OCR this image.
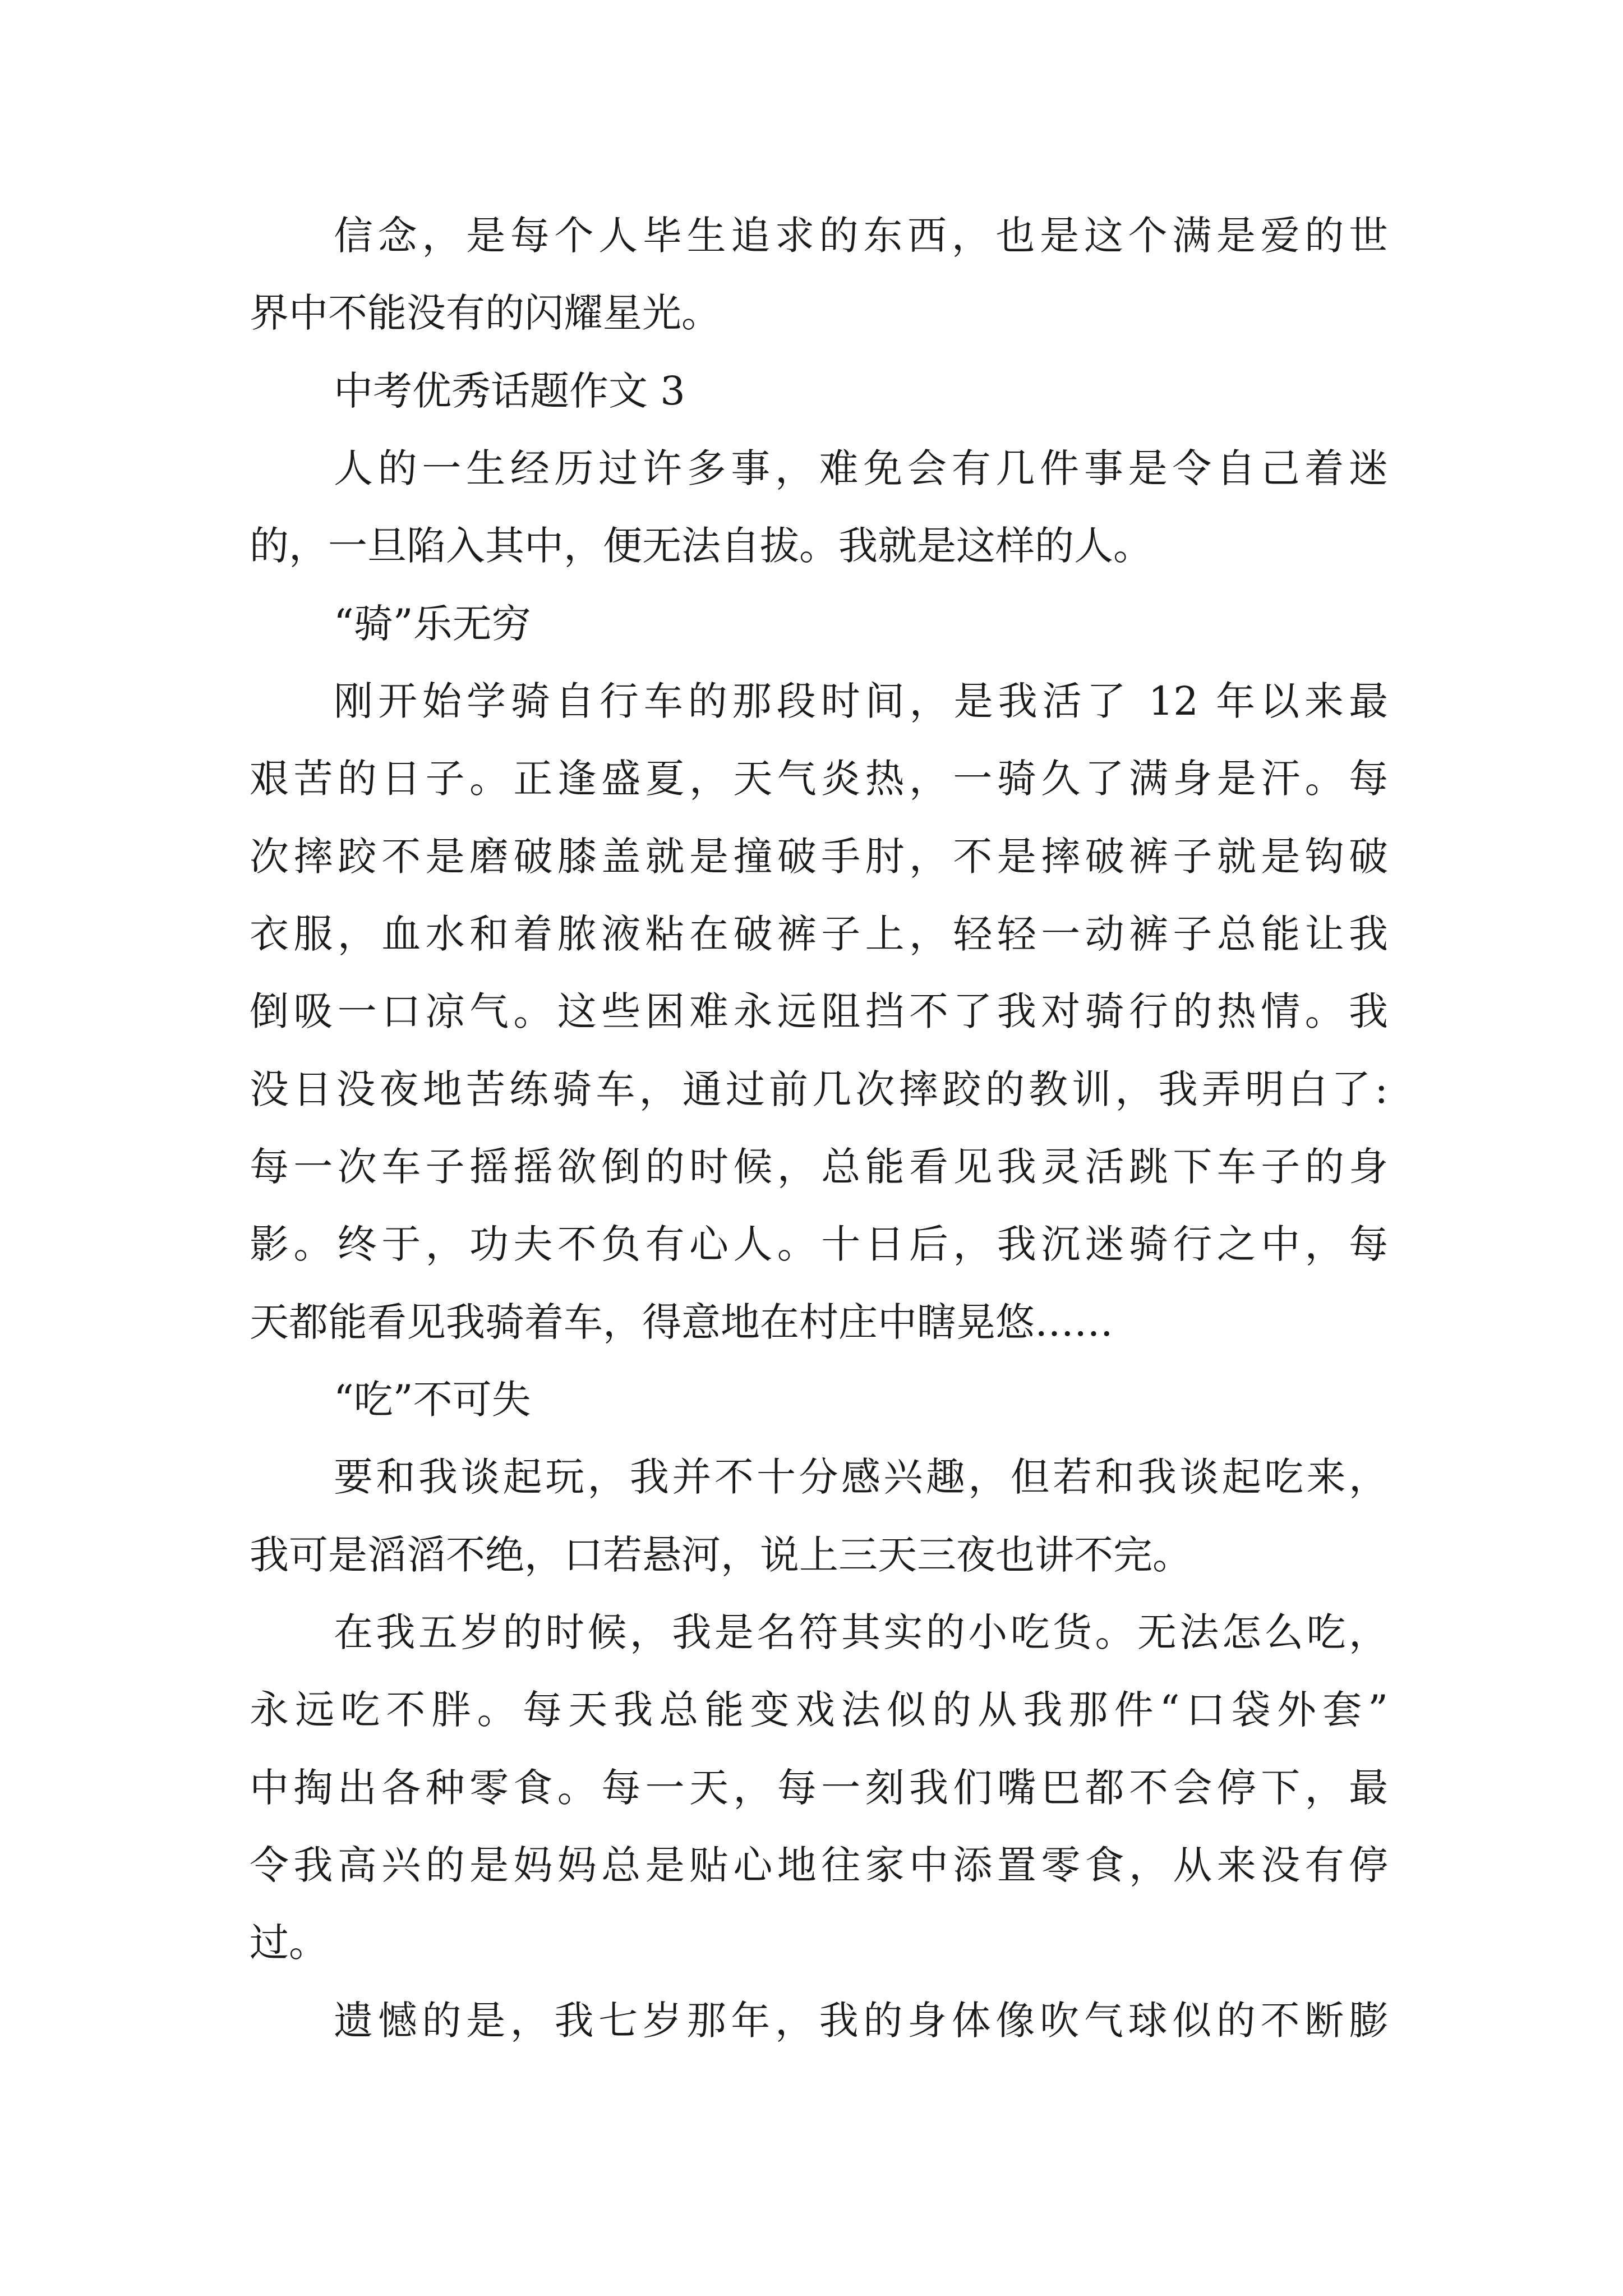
信念，是每个人毕生追求的东西，也是这个满是爱的世
界中不能没有的闪耀星光。
中考优秀话题作文 3
人的一生经历过许多事，难免会有几件事是令自己着迷
的，一旦陷入其中，便无法自拔。我就是这样的人。
“骑”乐无穷
刚开始学骑自行车的那段时间，是我活了 12 年以来最
艰苦的日子。正逢盛夏，天气炎热，一骑久了满身是汗。每
次摔跤不是磨破膝盖就是撞破手肘，不是摔破裤子就是钩破
衣服，血水和着脓液粘在破裤子上，轻轻一动裤子总能让我
倒吸一口凉气。这些困难永远阻挡不了我对骑行的热情。我
没日没夜地苦练骑车，通过前几次摔跤的教训，我弄明白了:
每一次车子摇摇欲倒的时候，总能看见我灵活跳下车子的身
影。终于，功夫不负有心人。十日后，我沉迷骑行之中，每
天都能看见我骑着车，得意地在村庄中瞎晃悠……
“吃”不可失
要和我谈起玩，我并不十分感兴趣，但若和我谈起吃来，
我可是滔滔不绝，口若悬河，说上三天三夜也讲不完。
在我五岁的时候，我是名符其实的小吃货。无法怎么吃，
永远吃不胖。每天我总能变戏法似的从我那件“口袋外套”
中掏出各种零食。每一天，每一刻我们嘴巴都不会停下，最
令我高兴的是妈妈总是贴心地往家中添置零食，从来没有停
过。
遗憾的是，我七岁那年，我的身体像吹气球似的不断膨
